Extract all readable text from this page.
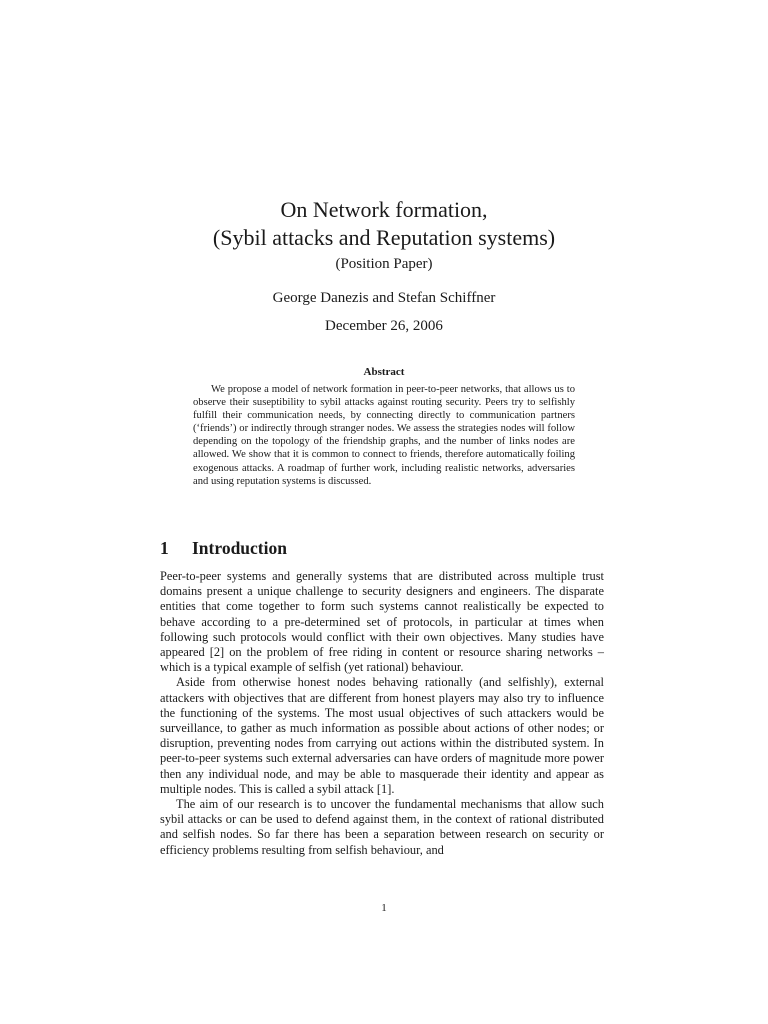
On Network formation,
(Sybil attacks and Reputation systems)
(Position Paper)
George Danezis and Stefan Schiffner
December 26, 2006
Abstract

We propose a model of network formation in peer-to-peer networks, that allows us to observe their suseptibility to sybil attacks against routing security. Peers try to selfishly fulfill their communication needs, by connecting directly to communication partners (‘friends’) or indirectly through stranger nodes. We assess the strategies nodes will follow depending on the topology of the friendship graphs, and the number of links nodes are allowed. We show that it is common to connect to friends, therefore automatically foiling exogenous attacks. A roadmap of further work, including realistic networks, adversaries and using reputation systems is discussed.

1 Introduction

Peer-to-peer systems and generally systems that are distributed across multiple trust domains present a unique challenge to security designers and engineers. The disparate entities that come together to form such systems cannot realistically be expected to behave according to a pre-determined set of protocols, in particular at times when following such protocols would conflict with their own objectives. Many studies have appeared [2] on the problem of free riding in content or resource sharing networks – which is a typical example of selfish (yet rational) behaviour.

Aside from otherwise honest nodes behaving rationally (and selfishly), external attackers with objectives that are different from honest players may also try to influence the functioning of the systems. The most usual objectives of such attackers would be surveillance, to gather as much information as possible about actions of other nodes; or disruption, preventing nodes from carrying out actions within the distributed system. In peer-to-peer systems such external adversaries can have orders of magnitude more power then any individual node, and may be able to masquerade their identity and appear as multiple nodes. This is called a sybil attack [1].

The aim of our research is to uncover the fundamental mechanisms that allow such sybil attacks or can be used to defend against them, in the context of rational distributed and selfish nodes. So far there has been a separation between research on security or efficiency problems resulting from selfish behaviour, and

1
